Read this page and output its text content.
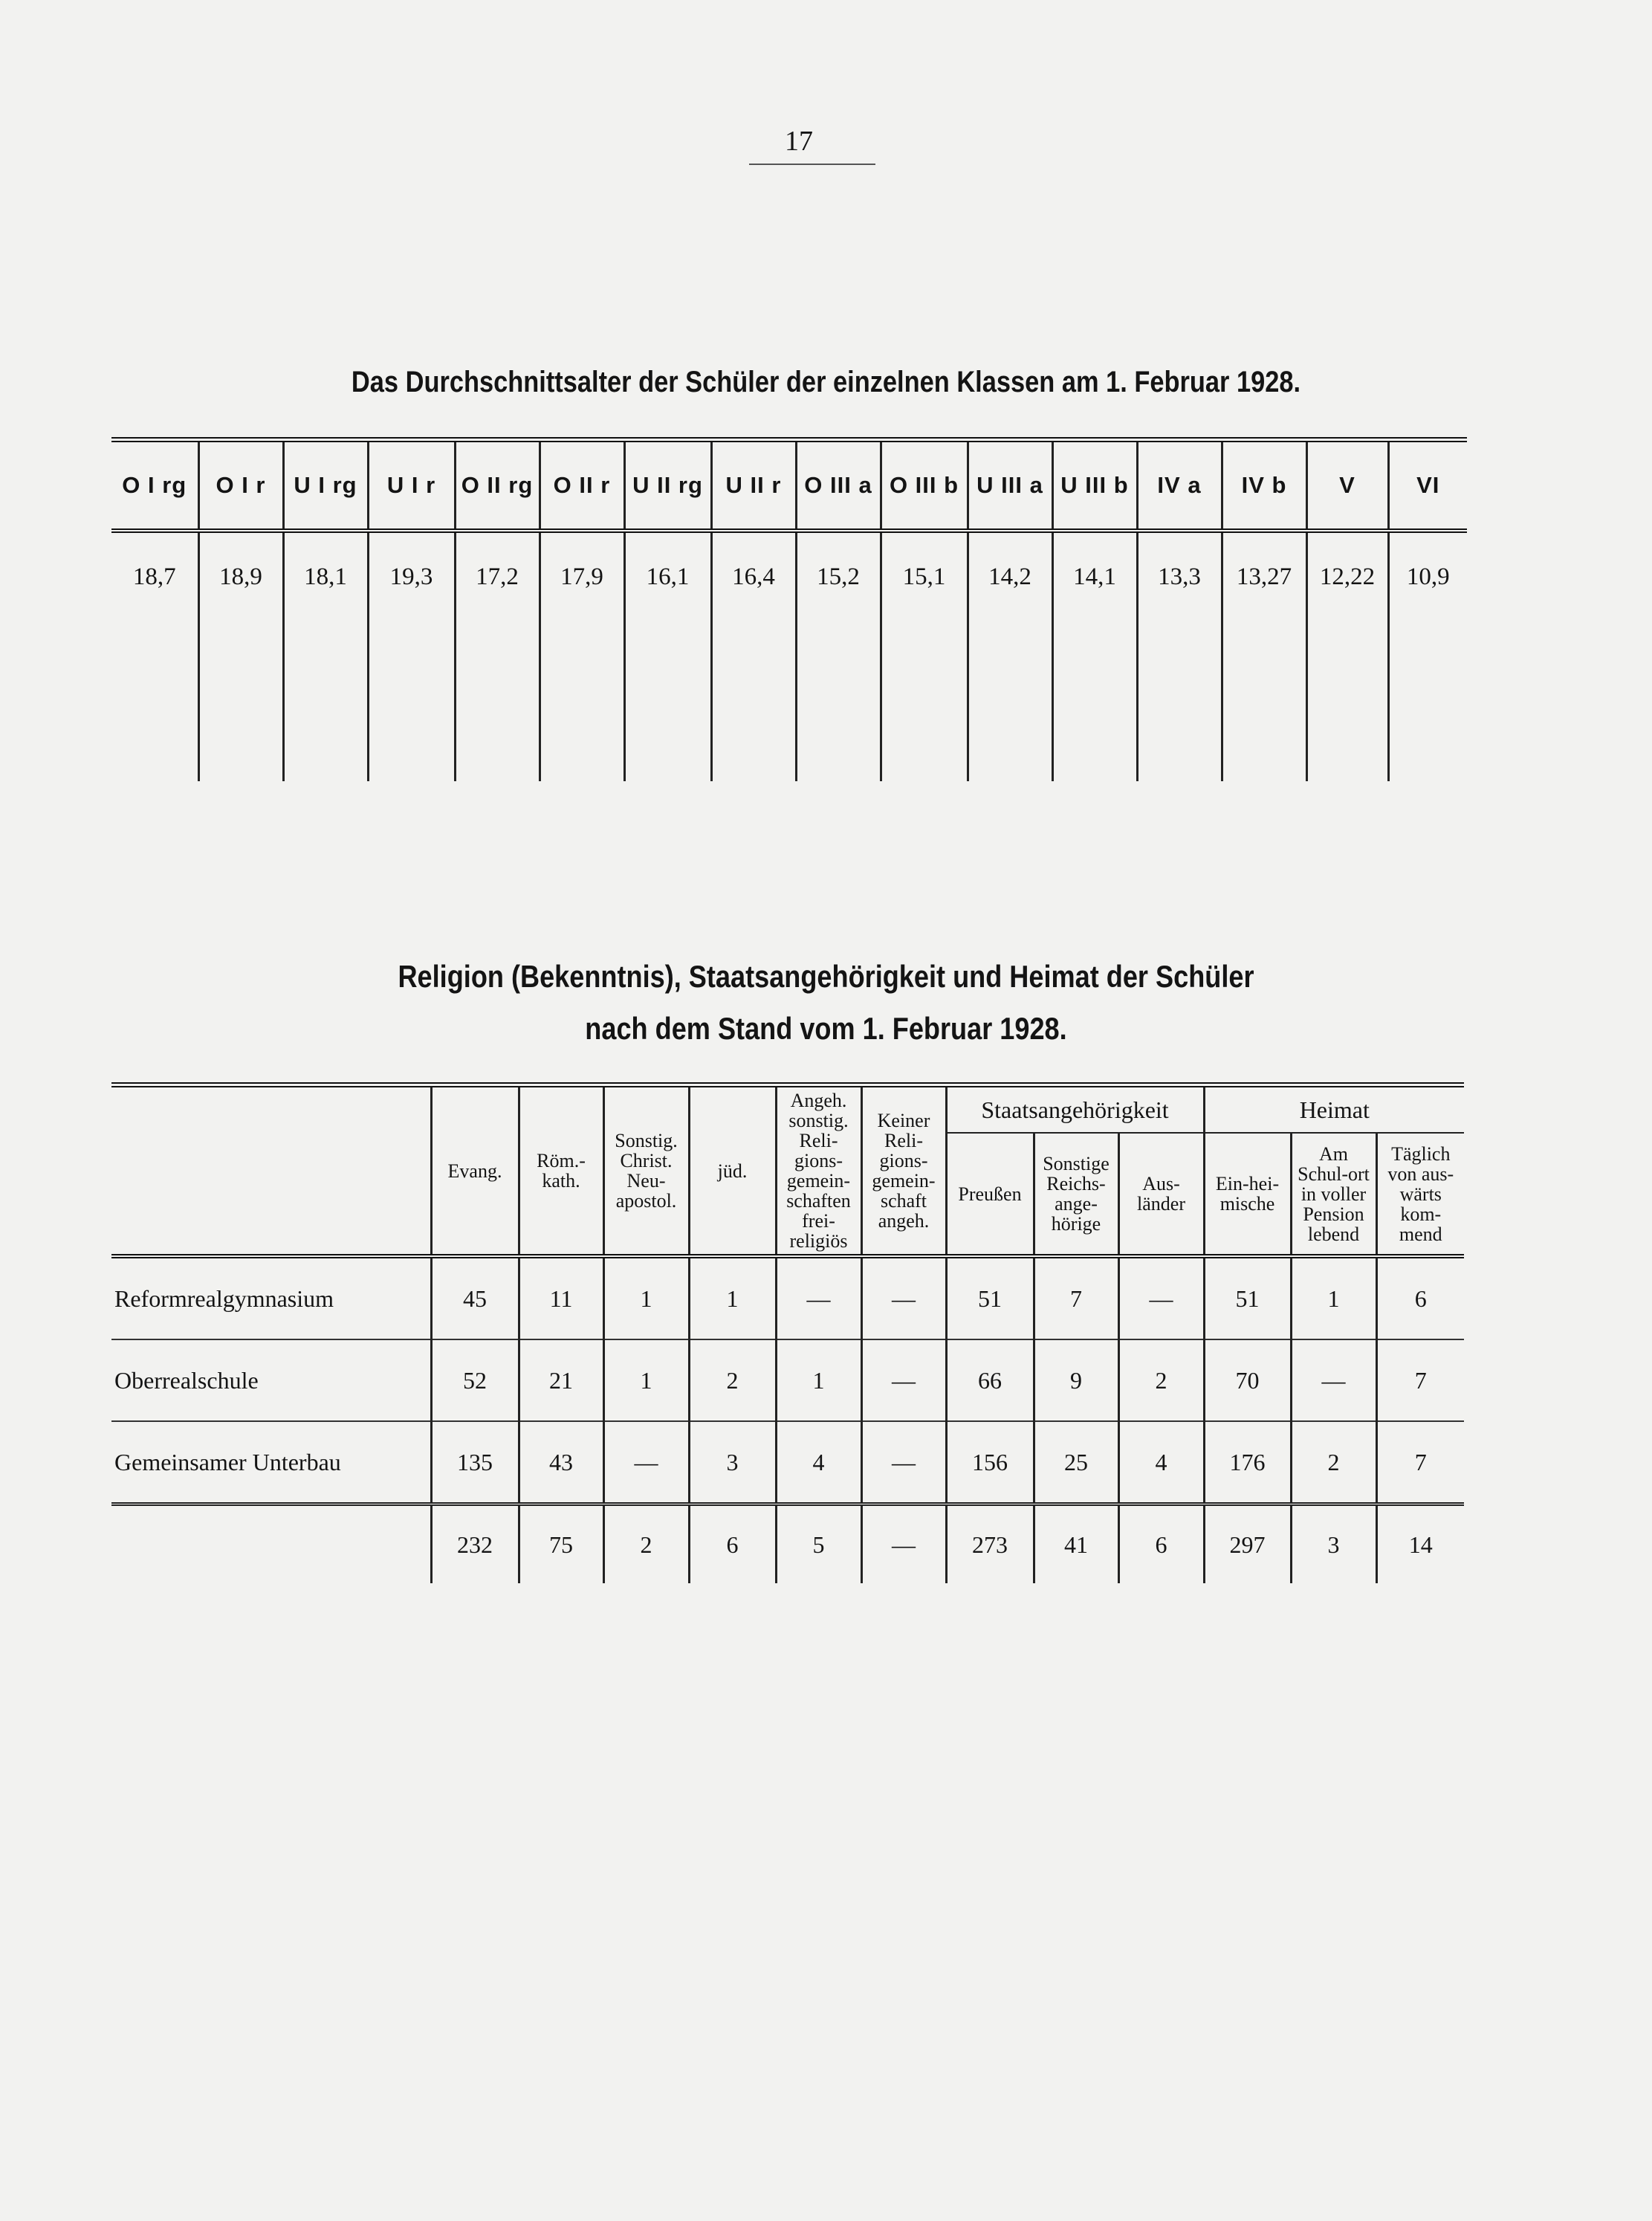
17
Das Durchschnittsalter der Schüler der einzelnen Klassen am 1. Februar 1928.
O I rg	O I r	U I rg	U I r	O II rg	O II r	U II rg	U II r	O III a	O III b	U III a	U III b	IV a	IV b	V	VI
18,7	18,9	18,1	19,3	17,2	17,9	16,1	16,4	15,2	15,1	14,2	14,1	13,3	13,27	12,22	10,9

Religion (Bekenntnis), Staatsangehörigkeit und Heimat der Schüler
nach dem Stand vom 1. Februar 1928.
	Evang.	Röm.-kath.	Sonstig. Christ. Neu-apostol.	jüd.	Angeh. sonstig. Reli-gions-gemein-schaften frei-religiös	Keiner Reli-gions-gemein-schaft angeh.	Staatsangehörigkeit			Heimat		
							Preußen	Sonstige Reichs-ange-hörige	Aus-länder	Ein-hei-mische	Am Schul-ort in voller Pension lebend	Täglich von aus-wärts kom-mend
Reformrealgymnasium	45	11	1	1	—	—	51	7	—	51	1	6
Oberrealschule	52	21	1	2	1	—	66	9	2	70	—	7
Gemeinsamer Unterbau	135	43	—	3	4	—	156	25	4	176	2	7
	232	75	2	6	5	—	273	41	6	297	3	14
